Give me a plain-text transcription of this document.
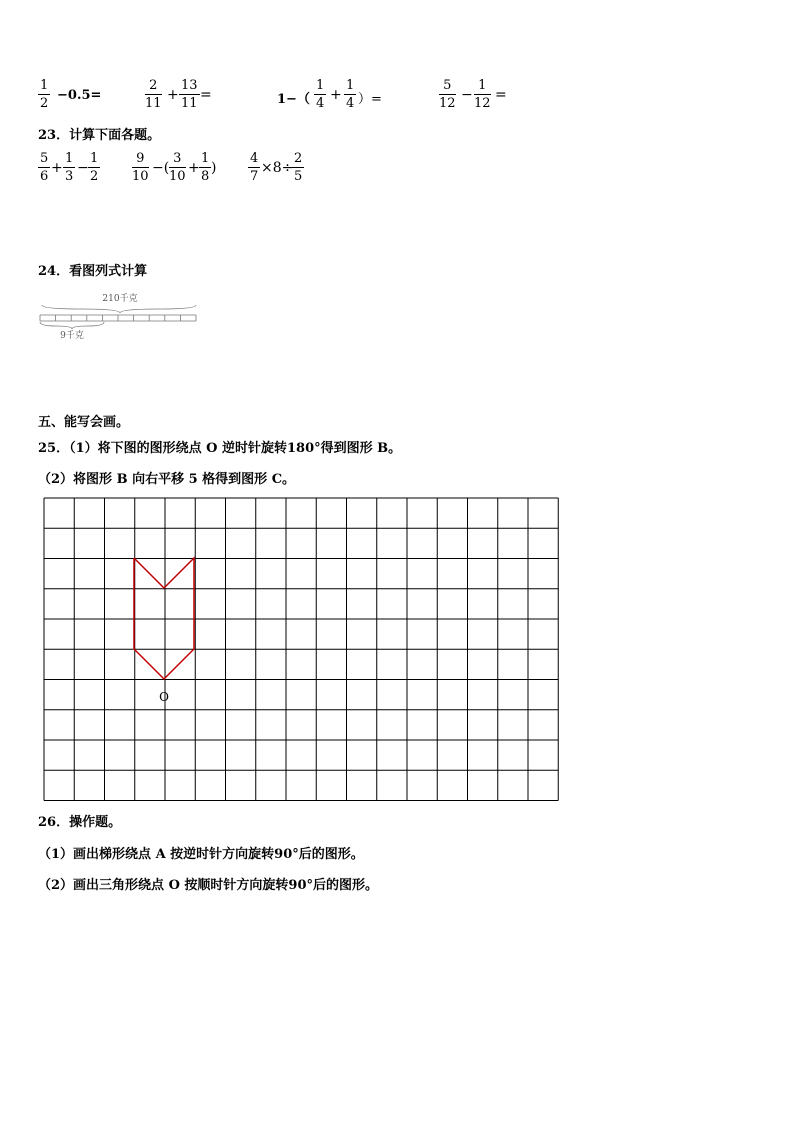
1
2
−0.5=
2
11
+
13
11
=	1−（
1
4
+
1
4 ）=
5
12
−
1
12
=
23．计算下面各题。
5
6
+
1
3
−
1
2
9
10
−(
3
10
+
1
8
)
4
7
×8÷
2
5
24．看图列式计算
210千克
9千克
五、能写会画。
25．（1）将下图的图形绕点 O 逆时针旋转180°得到图形 B。
（2）将图形 B 向右平移 5 格得到图形 C。
O
26．操作题。
（1）画出梯形绕点 A 按逆时针方向旋转90°后的图形。
（2）画出三角形绕点 O 按顺时针方向旋转90°后的图形。
